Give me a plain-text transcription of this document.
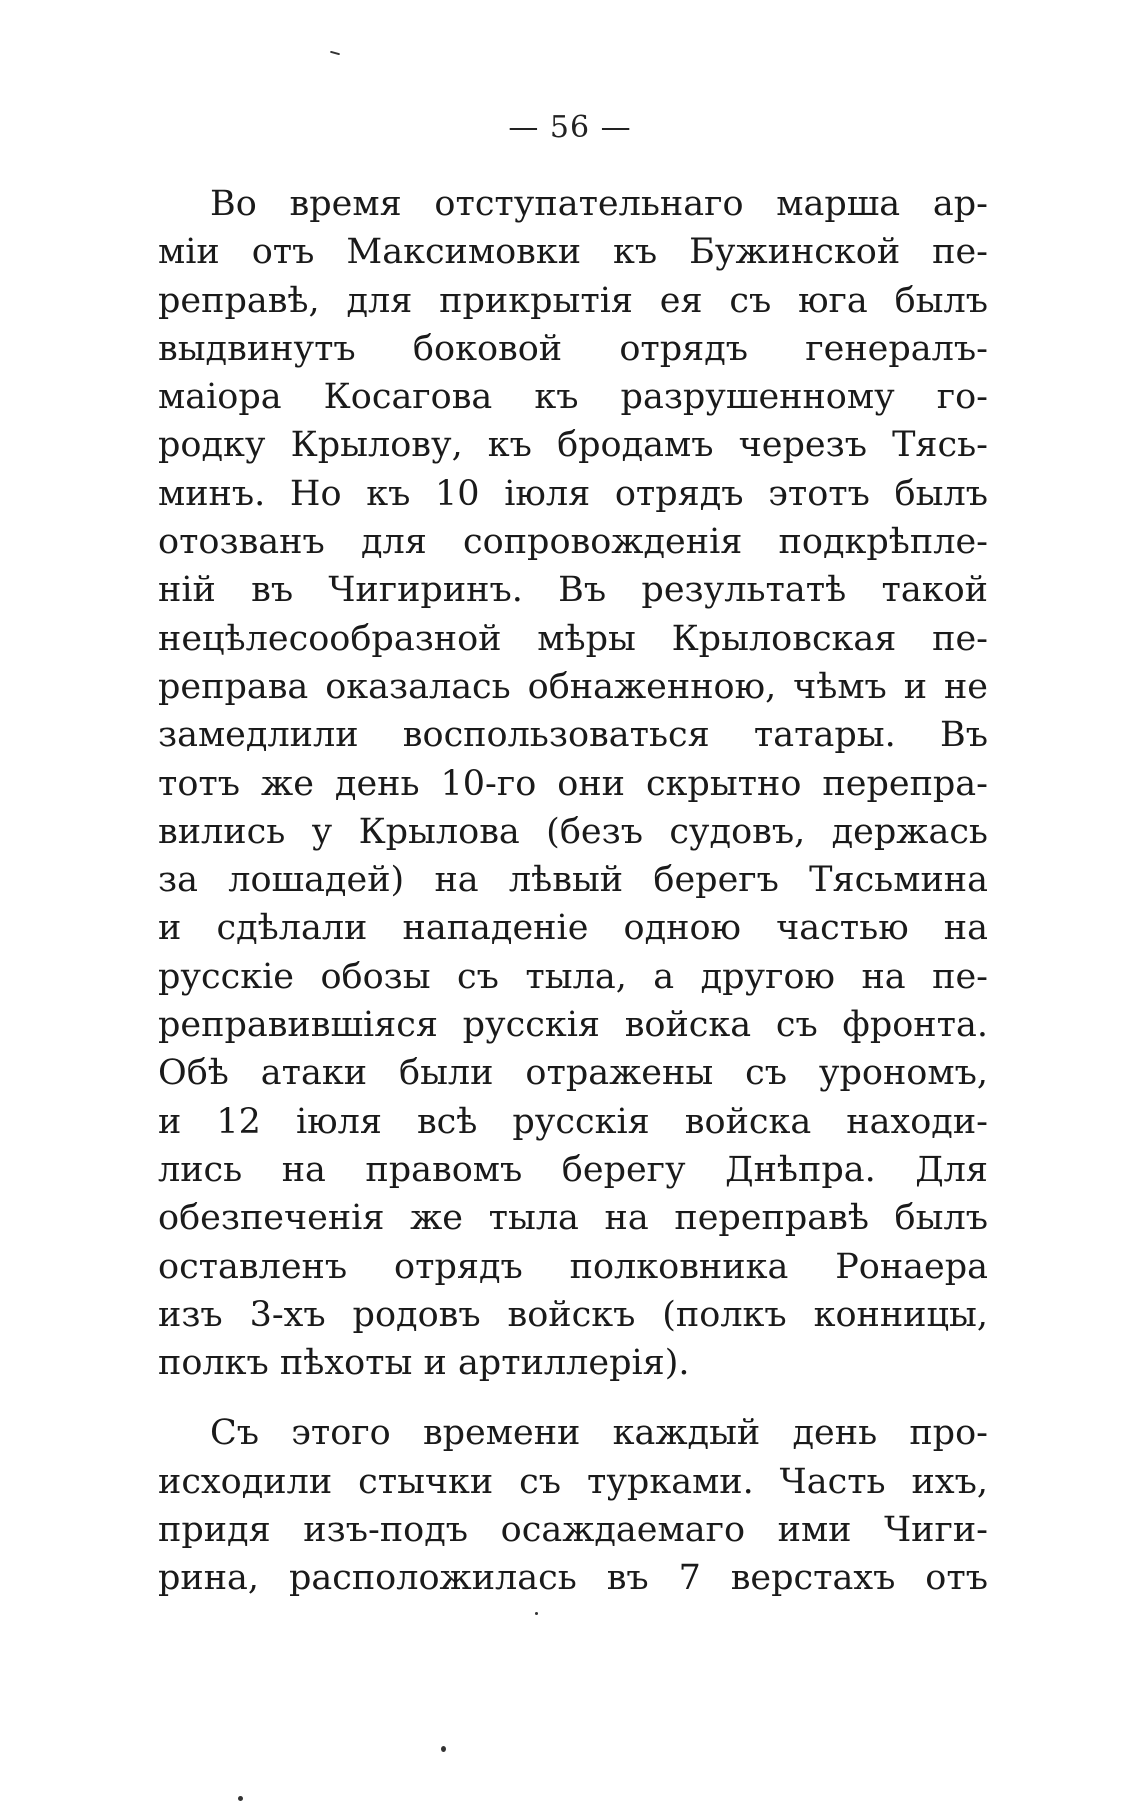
— 56 —
Во время отступательнаго марша ар-
міи отъ Максимовки къ Бужинской пе-
реправѣ, для прикрытія ея съ юга былъ
выдвинутъ боковой отрядъ генералъ-
маіора Косагова къ разрушенному го-
родку Крылову, къ бродамъ черезъ Тясь-
минъ. Но къ 10 іюля отрядъ этотъ былъ
отозванъ для сопровожденія подкрѣпле-
ній въ Чигиринъ. Въ результатѣ такой
нецѣлесообразной мѣры Крыловская пе-
реправа оказалась обнаженною, чѣмъ и не
замедлили воспользоваться татары. Въ
тотъ же день 10-го они скрытно перепра-
вились у Крылова (безъ судовъ, держась
за лошадей) на лѣвый берегъ Тясьмина
и сдѣлали нападеніе одною частью на
русскіе обозы съ тыла, а другою на пе-
реправившіяся русскія войска съ фронта.
Обѣ атаки были отражены съ урономъ,
и 12 іюля всѣ русскія войска находи-
лись на правомъ берегу Днѣпра. Для
обезпеченія же тыла на переправѣ былъ
оставленъ отрядъ полковника Ронаера
изъ 3-хъ родовъ войскъ (полкъ конницы,
полкъ пѣхоты и артиллерія).
Съ этого времени каждый день про-
исходили стычки съ турками. Часть ихъ,
придя изъ-подъ осаждаемаго ими Чиги-
рина, расположилась въ 7 верстахъ отъ
